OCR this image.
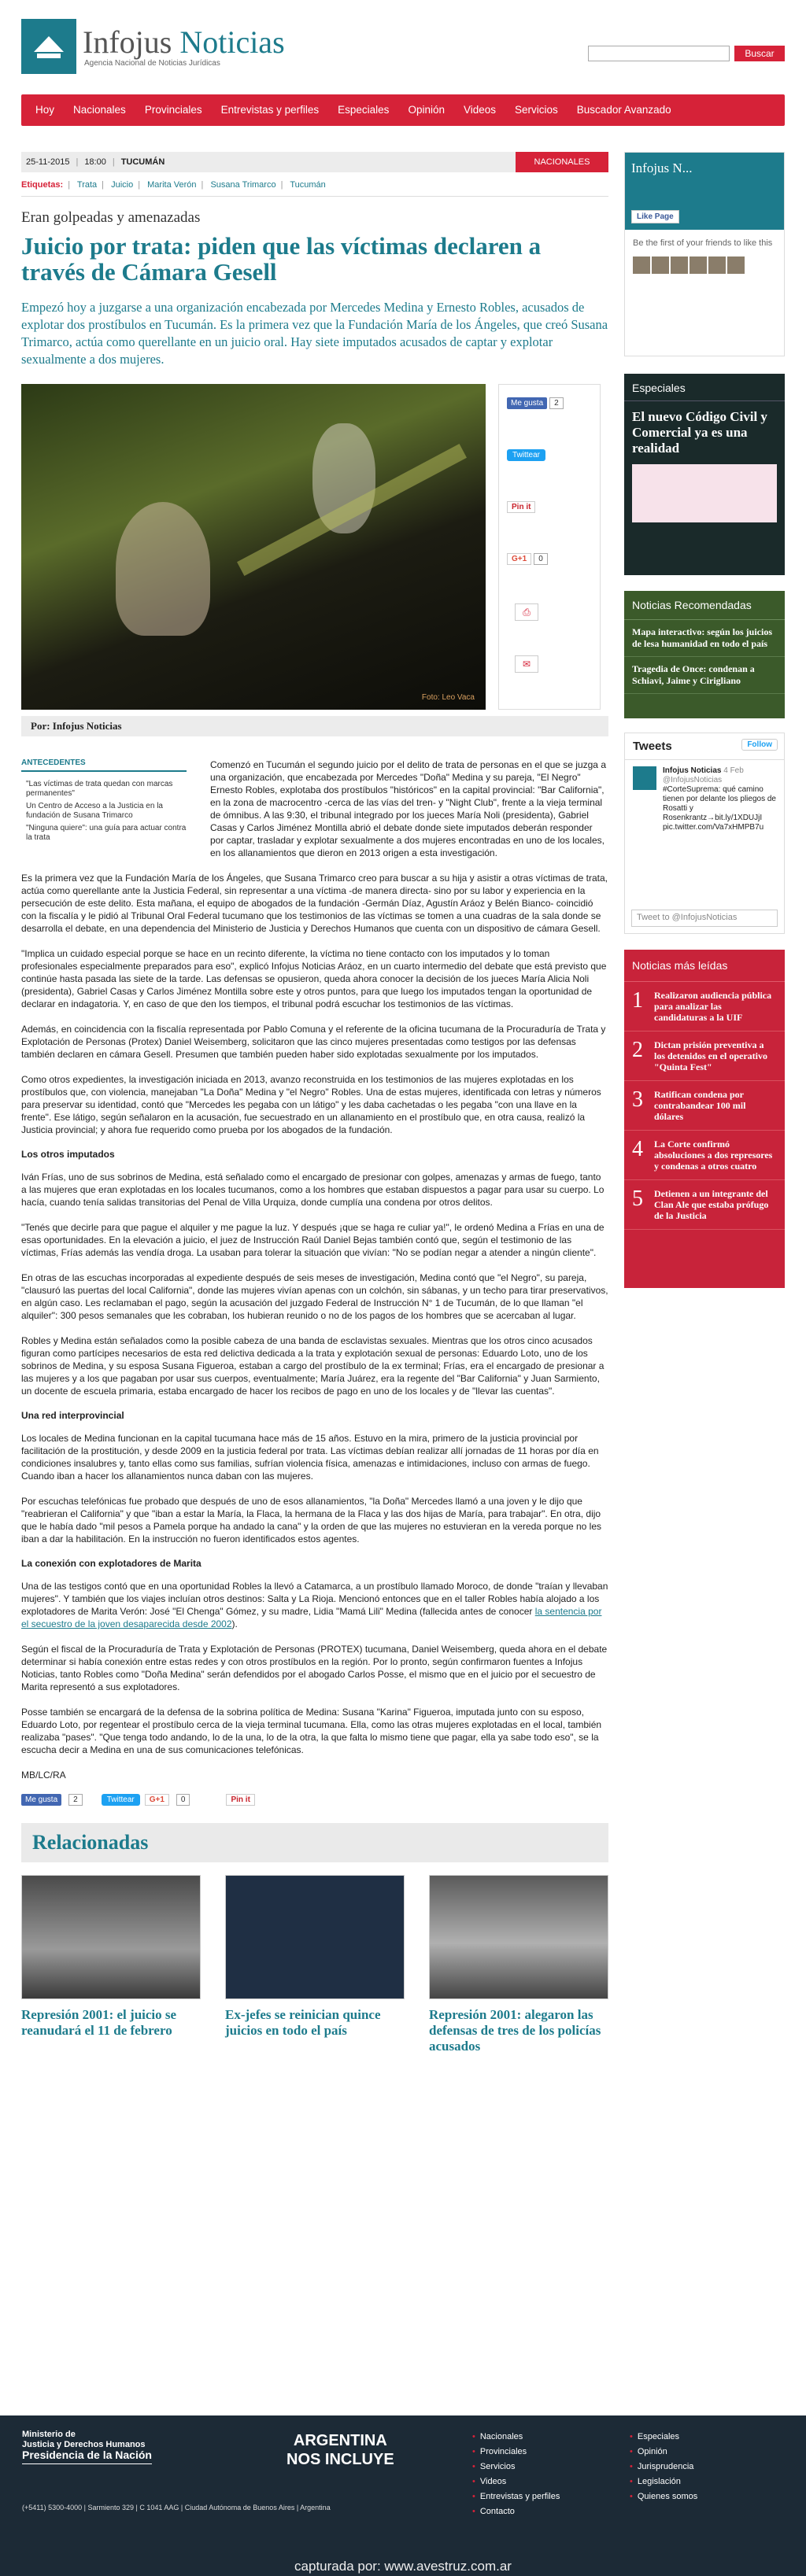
Infojus Noticias
Agencia Nacional de Noticias Jurídicas
Buscar
Hoy	Nacionales	Provinciales	Entrevistas y perfiles	Especiales	Opinión	Videos	Servicios	Buscador Avanzado
25-11-2015 | 18:00 | TUCUMÁN	NACIONALES
Etiquetas: | Trata | Juicio | Marita Verón | Susana Trimarco | Tucumán
Eran golpeadas y amenazadas
Juicio por trata: piden que las víctimas declaren a través de Cámara Gesell

Empezó hoy a juzgarse a una organización encabezada por Mercedes Medina y Ernesto Robles, acusados de explotar dos prostíbulos en Tucumán. Es la primera vez que la Fundación María de los Ángeles, que creó Susana Trimarco, actúa como querellante en un juicio oral. Hay siete imputados acusados de captar y explotar sexualmente a dos mujeres.

Foto: Leo Vaca
Me gusta 2
Twittear
Pin it
G+1 0
⎙
✉
Por: Infojus Noticias
ANTECEDENTES
"Las víctimas de trata quedan con marcas permanentes"
Un Centro de Acceso a la Justicia en la fundación de Susana Trimarco
"Ninguna quiere": una guía para actuar contra la trata

Comenzó en Tucumán el segundo juicio por el delito de trata de personas en el que se juzga a una organización, que encabezada por Mercedes "Doña" Medina y su pareja, "El Negro" Ernesto Robles, explotaba dos prostíbulos "históricos" en la capital provincial: "Bar California", en la zona de macrocentro -cerca de las vías del tren- y "Night Club", frente a la vieja terminal de ómnibus. A las 9:30, el tribunal integrado por los jueces María Noli (presidenta), Gabriel Casas y Carlos Jiménez Montilla abrió el debate donde siete imputados deberán responder por captar, trasladar y explotar sexualmente a dos mujeres encontradas en uno de los locales, en los allanamientos que dieron en 2013 origen a esta investigación.

Es la primera vez que la Fundación María de los Ángeles, que Susana Trimarco creo para buscar a su hija y asistir a otras víctimas de trata, actúa como querellante ante la Justicia Federal, sin representar a una víctima -de manera directa- sino por su labor y experiencia en la persecución de este delito. Esta mañana, el equipo de abogados de la fundación -Germán Díaz, Agustín Aráoz y Belén Bianco- coincidió con la fiscalía y le pidió al Tribunal Oral Federal tucumano que los testimonios de las víctimas se tomen a una cuadras de la sala donde se desarrolla el debate, en una dependencia del Ministerio de Justicia y Derechos Humanos que cuenta con un dispositivo de cámara Gesell.

"Implica un cuidado especial porque se hace en un recinto diferente, la víctima no tiene contacto con los imputados y lo toman profesionales especialmente preparados para eso", explicó Infojus Noticias Aráoz, en un cuarto intermedio del debate que está previsto que continúe hasta pasada las siete de la tarde. Las defensas se opusieron, queda ahora conocer la decisión de los jueces María Alicia Noli (presidenta), Gabriel Casas y Carlos Jiménez Montilla sobre este y otros puntos, para que luego los imputados tengan la oportunidad de declarar en indagatoria. Y, en caso de que den los tiempos, el tribunal podrá escuchar los testimonios de las víctimas.

Además, en coincidencia con la fiscalía representada por Pablo Comuna y el referente de la oficina tucumana de la Procuraduría de Trata y Explotación de Personas (Protex) Daniel Weisemberg, solicitaron que las cinco mujeres presentadas como testigos por las defensas también declaren en cámara Gesell. Presumen que también pueden haber sido explotadas sexualmente por los imputados.

Como otros expedientes, la investigación iniciada en 2013, avanzo reconstruida en los testimonios de las mujeres explotadas en los prostíbulos que, con violencia, manejaban "La Doña" Medina y "el Negro" Robles. Una de estas mujeres, identificada con letras y números para preservar su identidad, contó que "Mercedes les pegaba con un látigo" y les daba cachetadas o les pegaba "con una llave en la frente". Ese látigo, según señalaron en la acusación, fue secuestrado en un allanamiento en el prostíbulo que, en otra causa, realizó la Justicia provincial; y ahora fue requerido como prueba por los abogados de la fundación.

Los otros imputados

Iván Frías, uno de sus sobrinos de Medina, está señalado como el encargado de presionar con golpes, amenazas y armas de fuego, tanto a las mujeres que eran explotadas en los locales tucumanos, como a los hombres que estaban dispuestos a pagar para usar su cuerpo. Lo hacía, cuando tenía salidas transitorias del Penal de Villa Urquiza, donde cumplía una condena por otros delitos.

"Tenés que decirle para que pague el alquiler y me pague la luz. Y después ¡que se haga re culiar ya!", le ordenó Medina a Frías en una de esas oportunidades. En la elevación a juicio, el juez de Instrucción Raúl Daniel Bejas también contó que, según el testimonio de las víctimas, Frías además las vendía droga. La usaban para tolerar la situación que vivían: "No se podían negar a atender a ningún cliente".

En otras de las escuchas incorporadas al expediente después de seis meses de investigación, Medina contó que "el Negro", su pareja, "clausuró las puertas del local California", donde las mujeres vivían apenas con un colchón, sin sábanas, y un techo para tirar preservativos, en algún caso. Les reclamaban el pago, según la acusación del juzgado Federal de Instrucción N° 1 de Tucumán, de lo que llaman "el alquiler": 300 pesos semanales que les cobraban, los hubieran reunido o no de los pagos de los hombres que se acercaban al lugar.

Robles y Medina están señalados como la posible cabeza de una banda de esclavistas sexuales. Mientras que los otros cinco acusados figuran como partícipes necesarios de esta red delictiva dedicada a la trata y explotación sexual de personas: Eduardo Loto, uno de los sobrinos de Medina, y su esposa Susana Figueroa, estaban a cargo del prostíbulo de la ex terminal; Frías, era el encargado de presionar a las mujeres y a los que pagaban por usar sus cuerpos, eventualmente; María Juárez, era la regente del "Bar California" y Juan Sarmiento, un docente de escuela primaria, estaba encargado de hacer los recibos de pago en uno de los locales y de "llevar las cuentas".

Una red interprovincial

Los locales de Medina funcionan en la capital tucumana hace más de 15 años. Estuvo en la mira, primero de la justicia provincial por facilitación de la prostitución, y desde 2009 en la justicia federal por trata. Las víctimas debían realizar allí jornadas de 11 horas por día en condiciones insalubres y, tanto ellas como sus familias, sufrían violencia física, amenazas e intimidaciones, incluso con armas de fuego. Cuando iban a hacer los allanamientos nunca daban con las mujeres.

Por escuchas telefónicas fue probado que después de uno de esos allanamientos, "la Doña" Mercedes llamó a una joven y le dijo que "reabrieran el California" y que "iban a estar la María, la Flaca, la hermana de la Flaca y las dos hijas de María, para trabajar". En otra, dijo que le había dado "mil pesos a Pamela porque ha andado la cana" y la orden de que las mujeres no estuvieran en la vereda porque no les iban a dar la habilitación. En la instrucción no fueron identificados estos agentes.

La conexión con explotadores de Marita

Una de las testigos contó que en una oportunidad Robles la llevó a Catamarca, a un prostíbulo llamado Moroco, de donde "traían y llevaban mujeres". Y también que los viajes incluían otros destinos: Salta y La Rioja. Mencionó entonces que en el taller Robles había alojado a los explotadores de Marita Verón: José "El Chenga" Gómez, y su madre, Lidia "Mamá Lili" Medina (fallecida antes de conocer la sentencia por el secuestro de la joven desaparecida desde 2002).

Según el fiscal de la Procuraduría de Trata y Explotación de Personas (PROTEX) tucumana, Daniel Weisemberg, queda ahora en el debate determinar si había conexión entre estas redes y con otros prostíbulos en la región. Por lo pronto, según confirmaron fuentes a Infojus Noticias, tanto Robles como "Doña Medina" serán defendidos por el abogado Carlos Posse, el mismo que en el juicio por el secuestro de Marita representó a sus explotadores.

Posse también se encargará de la defensa de la sobrina política de Medina: Susana "Karina" Figueroa, imputada junto con su esposo, Eduardo Loto, por regentear el prostíbulo cerca de la vieja terminal tucumana. Ella, como las otras mujeres explotadas en el local, también realizaba "pases". "Que tenga todo andando, lo de la una, lo de la otra, la que falta lo mismo tiene que pagar, ella ya sabe todo eso", se la escucha decir a Medina en una de sus comunicaciones telefónicas.

MB/LC/RA

Me gusta	2	Twittear	G+1	0	Pin it
Relacionadas
Represión 2001: el juicio se reanudará el 11 de febrero
Ex-jefes se reinician quince juicios en todo el país
Represión 2001: alegaron las defensas de tres de los policías acusados
Infojus N...
Like Page
Be the first of your friends to like this
Especiales
El nuevo Código Civil y Comercial ya es una realidad
Noticias Recomendadas
Mapa interactivo: según los juicios de lesa humanidad en todo el país
Tragedia de Once: condenan a Schiavi, Jaime y Cirigliano
Tweets	Follow
Infojus Noticias 4 Feb
@InfojusNoticias
#CorteSuprema: qué camino tienen por delante los pliegos de Rosatti y Rosenkrantz→bit.ly/1XDUJjI pic.twitter.com/Va7xHMPB7u
Tweet to @InfojusNoticias
Noticias más leídas
1	Realizaron audiencia pública para analizar las candidaturas a la UIF
2	Dictan prisión preventiva a los detenidos en el operativo "Quinta Fest"
3	Ratifican condena por contrabandear 100 mil dólares
4	La Corte confirmó absoluciones a dos represores y condenas a otros cuatro
5	Detienen a un integrante del Clan Ale que estaba prófugo de la Justicia
Ministerio de
Justicia y Derechos Humanos
Presidencia de la Nación
ARGENTINA
NOS INCLUYE
• Nacionales
• Provinciales
• Servicios
• Videos
• Entrevistas y perfiles
• Contacto
• Especiales
• Opinión
• Jurisprudencia
• Legislación
• Quienes somos
(+5411) 5300-4000 | Sarmiento 329 | C 1041 AAG | Ciudad Autónoma de Buenos Aires | Argentina
capturada por: www.avestruz.com.ar
